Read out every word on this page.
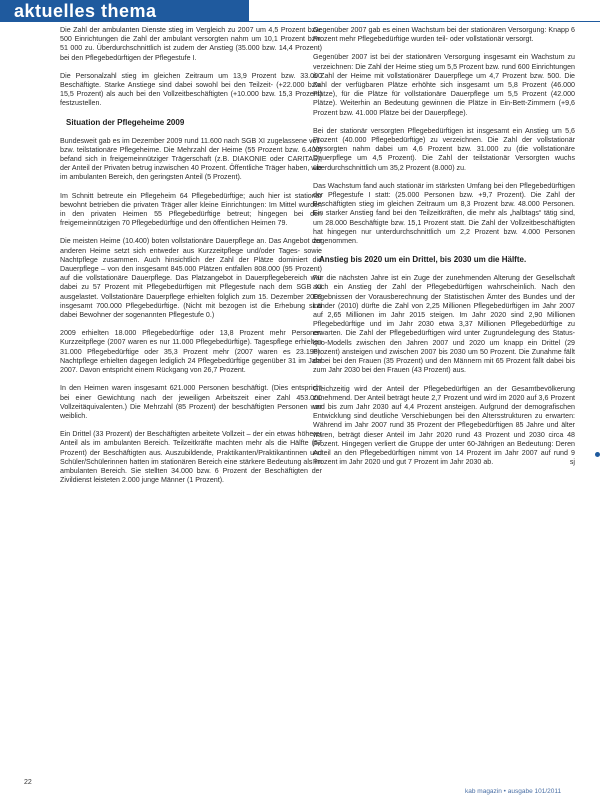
aktuelles thema

Die Zahl der ambulanten Dienste stieg im Vergleich zu 2007 um 4,5 Prozent bzw. 500 Einrichtungen die Zahl der ambulant versorgten nahm um 10,1 Prozent bzw. 51 000 zu. Überdurchschnittlich ist zudem der Anstieg (35.000 bzw. 14,4 Prozent) bei den Pflegebedürftigen der Pflegestufe I.

Die Personalzahl stieg im gleichen Zeitraum um 13,9 Prozent bzw. 33.000 Beschäftigte. Starke Anstiege sind dabei sowohl bei den Teilzeit- (+22.000 bzw. 15,5 Prozent) als auch bei den Vollzeitbeschäftigten (+10.000 bzw. 15,3 Prozent) festzustellen.

Situation der Pflegeheime 2009

Bundesweit gab es im Dezember 2009 rund 11.600 nach SGB XI zugelassene voll- bzw. teilstationäre Pflegeheime. Die Mehrzahl der Heime (55 Prozent bzw. 6.400) befand sich in freigemeinnütziger Trägerschaft (z.B. DIAKONIE oder CARITAS); der Anteil der Privaten betrug inzwischen 40 Prozent. Öffentliche Träger haben, wie im ambulanten Bereich, den geringsten Anteil (5 Prozent).

Im Schnitt betreute ein Pflegeheim 64 Pflegebedürftige; auch hier ist stationär bewohnt betrieben die privaten Träger aller kleine Einrichtungen: Im Mittel wurden in den privaten Heimen 55 Pflegebedürftige betreut; hingegen bei den freigemeinnützigen 70 Pflegebedürftige und den öffentlichen Heimen 79.

Die meisten Heime (10.400) boten vollstationäre Dauerpflege an. Das Angebot der anderen Heime setzt sich entweder aus Kurzzeitpflege und/oder Tages- sowie Nachtpflege zusammen. Auch hinsichtlich der Zahl der Plätze dominiert die Dauerpflege – von den insgesamt 845.000 Plätzen entfallen 808.000 (95 Prozent) auf die vollstationäre Dauerpflege. Das Platzangebot in Dauerpflegebereich war dabei zu 57 Prozent mit Pflegebedürftigen mit Pflegestufe nach dem SGB XI ausgelastet. Vollstationäre Dauerpflege erhielten folglich zum 15. Dezember 2009 insgesamt 700.000 Pflegebedürftige. (Nicht mit bezogen ist die Erhebung sind dabei Bewohner der sogenannten Pflegestufe 0.)

2009 erhielten 18.000 Pflegebedürftige oder 13,8 Prozent mehr Personen Kurzzeitpflege (2007 waren es nur 11.000 Pflegebedürftige). Tagespflege erhielten 31.000 Pflegebedürftige oder 35,3 Prozent mehr (2007 waren es 23.196). Nachtpflege erhielten dagegen lediglich 24 Pflegebedürftige gegenüber 31 im Jahr 2007. Davon entspricht einem Rückgang von 26,7 Prozent.

In den Heimen waren insgesamt 621.000 Personen beschäftigt. (Dies entspricht bei einer Gewichtung nach der jeweiligen Arbeitszeit einer Zahl 453.000 Vollzeitäquivalenten.) Die Mehrzahl (85 Prozent) der beschäftigten Personen war weiblich.

Ein Drittel (33 Prozent) der Beschäftigten arbeitete Vollzeit – der ein etwas höherer Anteil als im ambulanten Bereich. Teilzeitkräfte machten mehr als die Hälfte (57 Prozent) der Beschäftigten aus. Auszubildende, Praktikanten/Praktikantinnen und Schüler/Schülerinnen hatten im stationären Bereich eine stärkere Bedeutung als im ambulanten Bereich. Sie stellten 34.000 bzw. 6 Prozent der Beschäftigten der Zivildienst leisteten 2.000 junge Männer (1 Prozent).

Gegenüber 2007 gab es einen Wachstum bei der stationären Versorgung: Knapp 6 Prozent mehr Pflegebedürftige wurden teil- oder vollstationär versorgt.

Gegenüber 2007 ist bei der stationären Versorgung insgesamt ein Wachstum zu verzeichnen: Die Zahl der Heime stieg um 5,5 Prozent bzw. rund 600 Einrichtungen à Zahl der Heime mit vollstationärer Dauerpflege um 4,7 Prozent bzw. 500. Die Zahl der verfügbaren Plätze erhöhte sich insgesamt um 5,8 Prozent (46.000 Plätze), für die Plätze für vollstationäre Dauerpflege um 5,5 Prozent (42.000 Plätze). Weiterhin an Bedeutung gewinnen die Plätze in Ein-Bett-Zimmern (+9,6 Prozent bzw. 41.000 Plätze bei der Dauerpflege).

Bei der stationär versorgten Pflegebedürftigen ist insgesamt ein Anstieg um 5,6 Prozent (40.000 Pflegebedürftige) zu verzeichnen. Die Zahl der vollstationär Versorgten nahm dabei um 4,6 Prozent bzw. 31.000 zu (die vollstationäre Dauerpflege um 4,5 Prozent). Die Zahl der teilstationär Versorgten wuchs überdurchschnittlich um 35,2 Prozent (8.000) zu.

Das Wachstum fand auch stationär im stärksten Umfang bei den Pflegebedürftigen der Pflegestufe I statt: (25.000 Personen bzw. +9,7 Prozent). Die Zahl der Beschäftigten stieg im gleichen Zeitraum um 8,3 Prozent bzw. 48.000 Personen. Ein starker Anstieg fand bei den Teilzeitkräften, die mehr als „halbtags“ tätig sind, um 28.000 Beschäftigte bzw. 15,1 Prozent statt. Die Zahl der Vollzeitbeschäftigten hat hingegen nur unterdurchschnittlich um 2,2 Prozent bzw. 4.000 Personen zugenommen.

Anstieg bis 2020 um ein Drittel, bis 2030 um die Hälfte.

Für die nächsten Jahre ist ein Zuge der zunehmenden Alterung der Gesellschaft auch ein Anstieg der Zahl der Pflegebedürftigen wahrscheinlich. Nach den Ergebnissen der Vorausberechnung der Statistischen Ämter des Bundes und der Länder (2010) dürfte die Zahl von 2,25 Millionen Pflegebedürftigen im Jahr 2007 auf 2,65 Millionen im Jahr 2015 steigen. Im Jahr 2020 sind 2,90 Millionen Pflegebedürftige und im Jahr 2030 etwa 3,37 Millionen Pflegebedürftige zu erwarten. Die Zahl der Pflegebedürftigen wird unter Zugrundelegung des Status-quo-Modells zwischen den Jahren 2007 und 2020 um knapp ein Drittel (29 Prozent) ansteigen und zwischen 2007 bis 2030 um 50 Prozent. Die Zunahme fällt dabei bei den Frauen (35 Prozent) und den Männern mit 65 Prozent fällt dabei bis zum Jahr 2030 bei den Frauen (43 Prozent) aus.

Gleichzeitig wird der Anteil der Pflegebedürftigen an der Gesamtbevölkerung zunehmend. Der Anteil beträgt heute 2,7 Prozent und wird im 2020 auf 3,6 Prozent und bis zum Jahr 2030 auf 4,4 Prozent ansteigen. Aufgrund der demografischen Entwicklung sind deutliche Verschiebungen bei den Altersstrukturen zu erwarten: Während im Jahr 2007 rund 35 Prozent der Pflegebedürftigen 85 Jahre und älter waren, beträgt dieser Anteil im Jahr 2020 rund 43 Prozent und 2030 circa 48 Prozent. Hingegen verliert die Gruppe der unter 60-Jährigen an Bedeutung: Deren Anteil an den Pflegebedürftigen nimmt von 14 Prozent im Jahr 2007 auf rund 9 Prozent im Jahr 2020 und gut 7 Prozent im Jahr 2030 ab.	sj

22
kab magazin • ausgabe 101/2011
